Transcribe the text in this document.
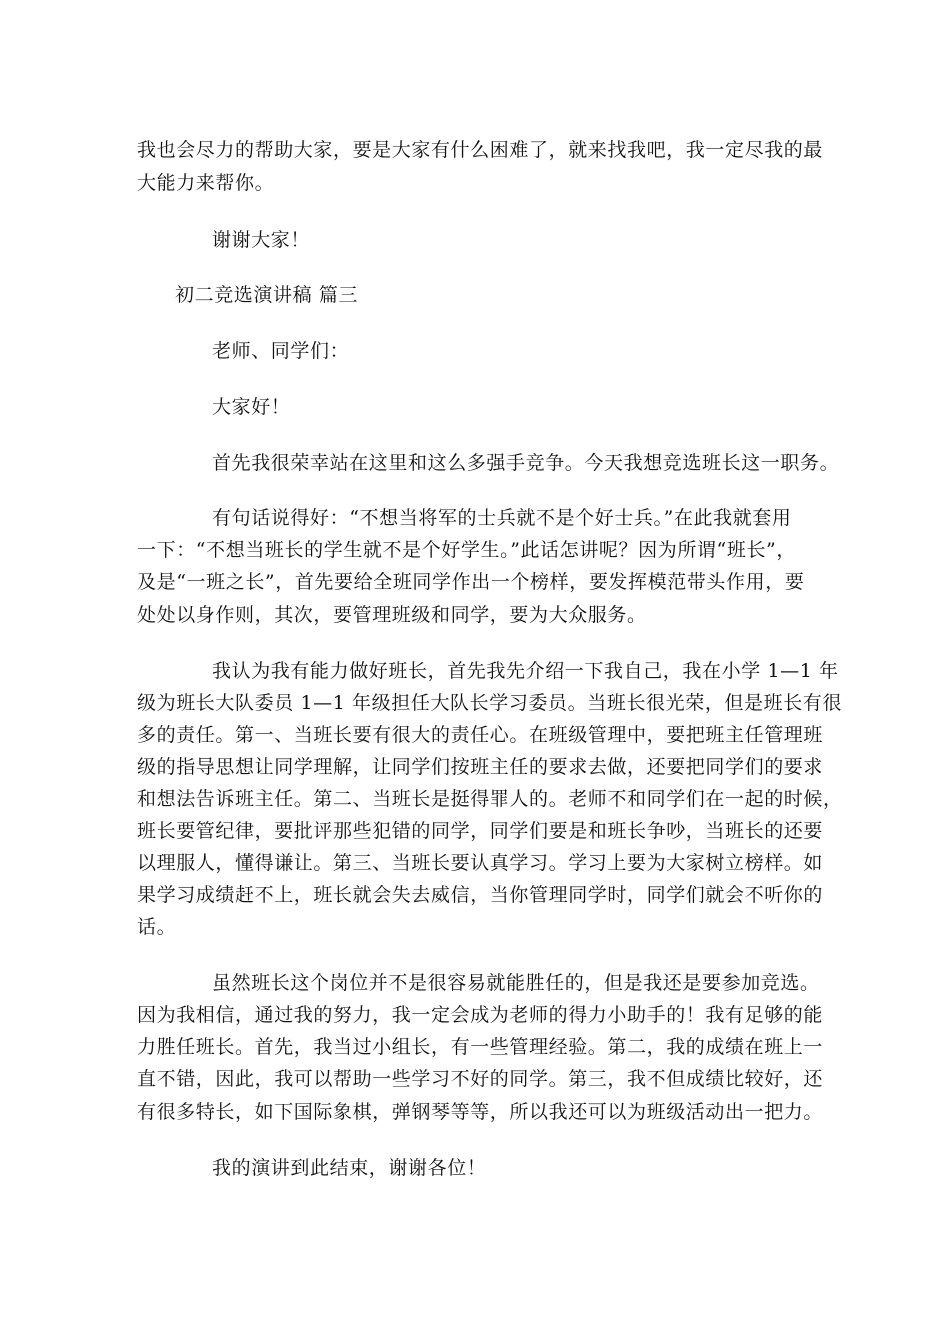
我也会尽力的帮助大家，要是大家有什么困难了，就来找我吧，我一定尽我的最
大能力来帮你。
谢谢大家！
初二竞选演讲稿 篇三
老师、同学们：
大家好！
首先我很荣幸站在这里和这么多强手竞争。今天我想竞选班长这一职务。
有句话说得好：“不想当将军的士兵就不是个好士兵。”在此我就套用
一下：“不想当班长的学生就不是个好学生。”此话怎讲呢？因为所谓“班长”，
及是“一班之长”，首先要给全班同学作出一个榜样，要发挥模范带头作用，要
处处以身作则，其次，要管理班级和同学，要为大众服务。
我认为我有能力做好班长，首先我先介绍一下我自己，我在小学 1—1 年
级为班长大队委员 1—1 年级担任大队长学习委员。当班长很光荣，但是班长有很
多的责任。第一、当班长要有很大的责任心。在班级管理中，要把班主任管理班
级的指导思想让同学理解，让同学们按班主任的要求去做，还要把同学们的要求
和想法告诉班主任。第二、当班长是挺得罪人的。老师不和同学们在一起的时候，
班长要管纪律，要批评那些犯错的同学，同学们要是和班长争吵，当班长的还要
以理服人，懂得谦让。第三、当班长要认真学习。学习上要为大家树立榜样。如
果学习成绩赶不上，班长就会失去威信，当你管理同学时，同学们就会不听你的
话。
虽然班长这个岗位并不是很容易就能胜任的，但是我还是要参加竞选。
因为我相信，通过我的努力，我一定会成为老师的得力小助手的！我有足够的能
力胜任班长。首先，我当过小组长，有一些管理经验。第二，我的成绩在班上一
直不错，因此，我可以帮助一些学习不好的同学。第三，我不但成绩比较好，还
有很多特长，如下国际象棋，弹钢琴等等，所以我还可以为班级活动出一把力。
我的演讲到此结束，谢谢各位！
